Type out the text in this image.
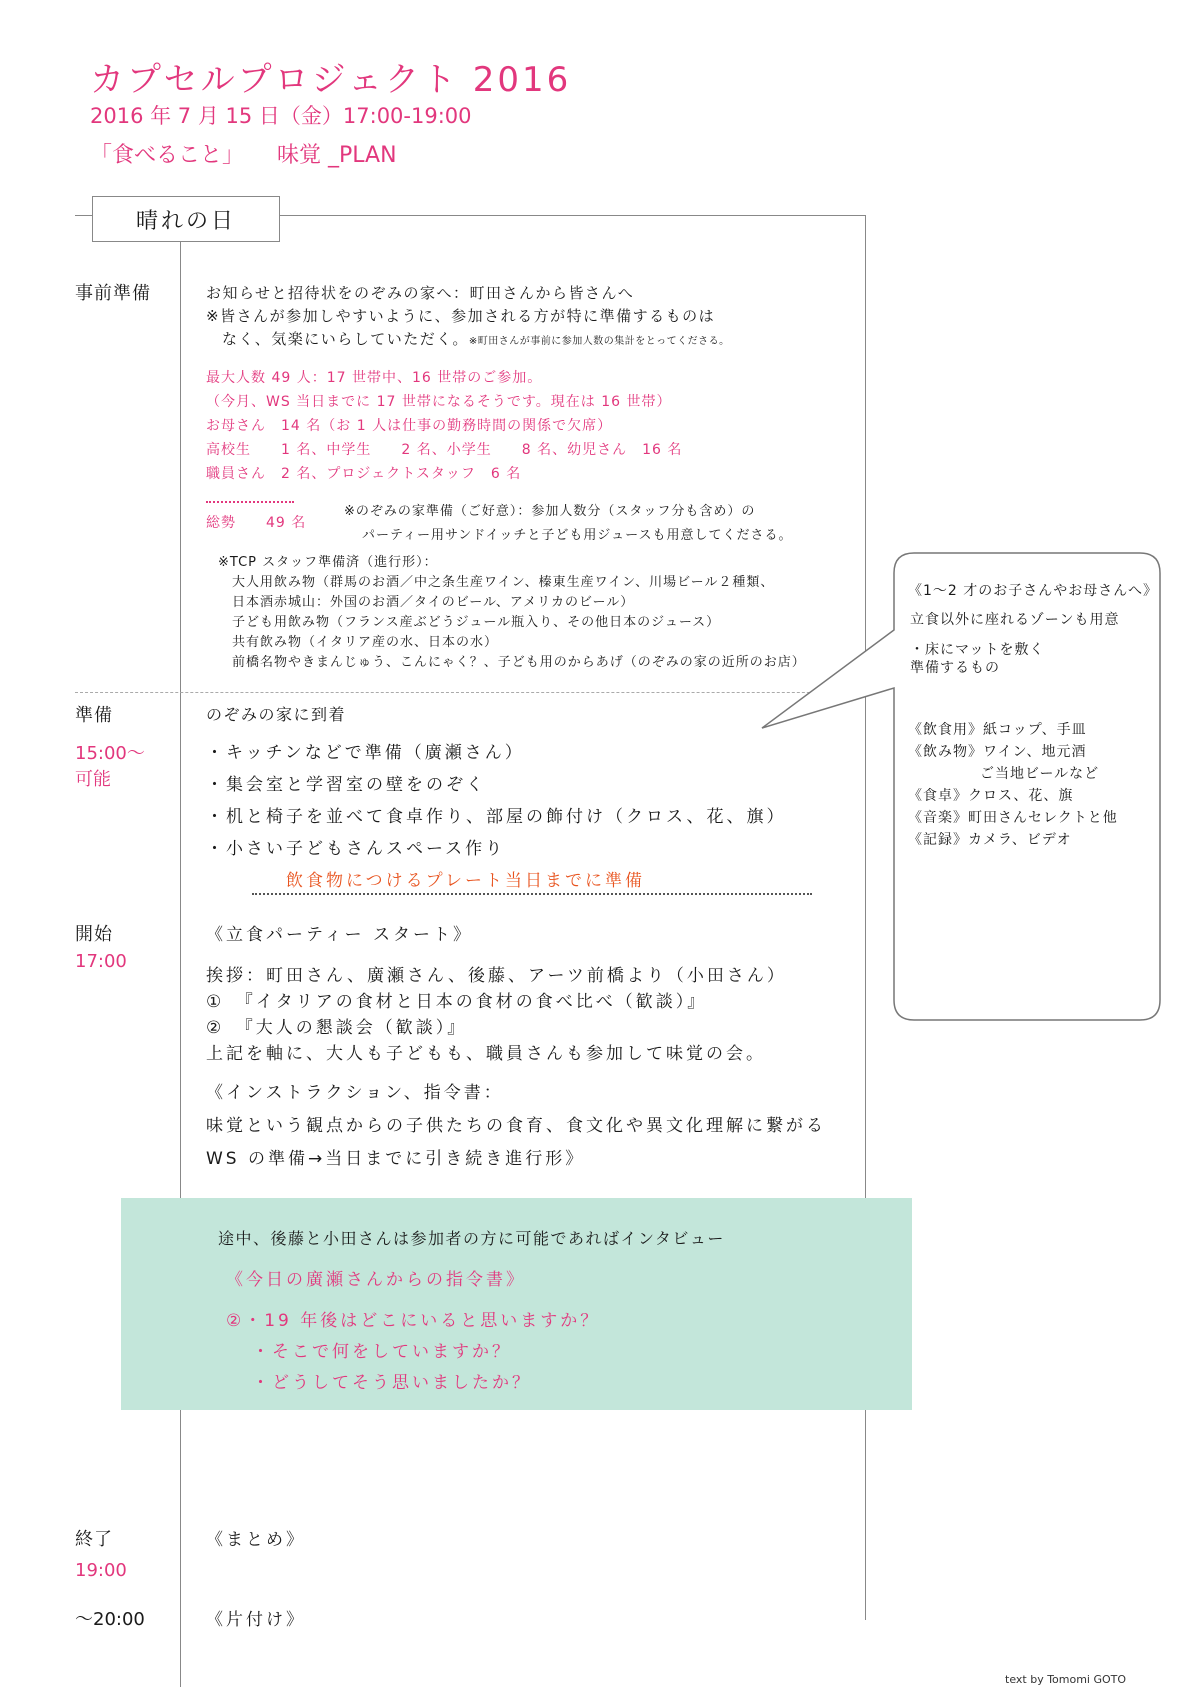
カプセルプロジェクト 2016
2016 年 7 月 15 日（金）17:00-19:00
「食べること」　　味覚 _PLAN
晴れの日
事前準備	お知らせと招待状をのぞみの家へ：町田さんから皆さんへ
※皆さんが参加しやすいように、参加される方が特に準備するものは
なく、気楽にいらしていただく。※町田さんが事前に参加人数の集計をとってくださる。
最大人数 49 人：17 世帯中、16 世帯のご参加。
（今月、WS 当日までに 17 世帯になるそうです。現在は 16 世帯）
お母さん　14 名（お 1 人は仕事の勤務時間の関係で欠席）
高校生　　1 名、中学生　　2 名、小学生　　8 名、幼児さん　16 名
職員さん　2 名、プロジェクトスタッフ　6 名
総勢　　49 名
※のぞみの家準備（ご好意）：参加人数分（スタッフ分も含め）の
パーティー用サンドイッチと子ども用ジュースも用意してくださる。
※TCP スタッフ準備済（進行形）：
大人用飲み物（群馬のお酒／中之条生産ワイン、榛東生産ワイン、川場ビール２種類、
日本酒赤城山：外国のお酒／タイのビール、アメリカのビール）
子ども用飲み物（フランス産ぶどうジュール瓶入り、その他日本のジュース）
共有飲み物（イタリア産の水、日本の水）
前橋名物やきまんじゅう、こんにゃく？、子ども用のからあげ（のぞみの家の近所のお店）
準備
15:00〜
可能
のぞみの家に到着
・キッチンなどで準備（廣瀬さん）
・集会室と学習室の壁をのぞく
・机と椅子を並べて食卓作り、部屋の飾付け（クロス、花、旗）
・小さい子どもさんスペース作り
飲食物につけるプレート当日までに準備
開始
17:00
《立食パーティー スタート》
挨拶：町田さん、廣瀬さん、後藤、アーツ前橋より（小田さん）
①　『イタリアの食材と日本の食材の食べ比べ（歓談）』
②　『大人の懇談会（歓談）』
上記を軸に、大人も子どもも、職員さんも参加して味覚の会。
《インストラクション、指令書：
味覚という観点からの子供たちの食育、食文化や異文化理解に繋がる
WS の準備→当日までに引き続き進行形》
途中、後藤と小田さんは参加者の方に可能であればインタビュー
《今日の廣瀬さんからの指令書》
②・19 年後はどこにいると思いますか？
・そこで何をしていますか？
・どうしてそう思いましたか？
終了
19:00
《まとめ》
〜20:00	《片付け》
《1〜2 才のお子さんやお母さんへ》
立食以外に座れるゾーンも用意
・床にマットを敷く
準備するもの
《飲食用》紙コップ、手皿
《飲み物》ワイン、地元酒
ご当地ビールなど
《食卓》クロス、花、旗
《音楽》町田さんセレクトと他
《記録》カメラ、ビデオ
text by Tomomi GOTO
